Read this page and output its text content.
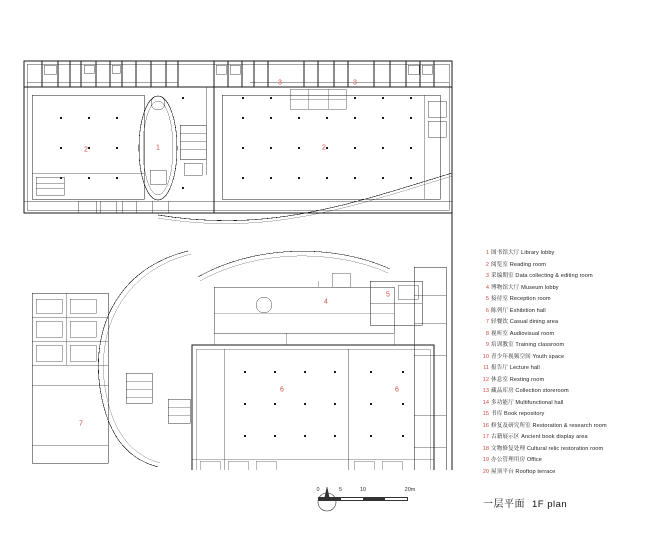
2	1
3	3
2
4
5
6	6
7
1 图书馆大厅 Library lobby
2 阅览室 Reading room
3 采编期室 Data collecting & editing room
4 博物馆大厅 Museum lobby
5 接待室 Reception room
6 陈列厅 Exhibition hall
7 轻餐饮 Casual dining area
8 视听室 Audiovisual room
9 培训教室 Training classroom
10 青少年视频空间 Youth space
11 报告厅 Lecture hall
12 休息室 Resting room
13 藏品库房 Collection storeroom
14 多功能厅 Multifunctional hall
15 书库 Book repository
16 修复及研究所室 Restoration & research room
17 古籍展示区 Ancient book display area
18 文物修复处理 Cultural relic restoration room
19 办公管理用房 Office
20 屋顶平台 Rooftop terrace
0	5	10	20m
一层平面 1F plan
